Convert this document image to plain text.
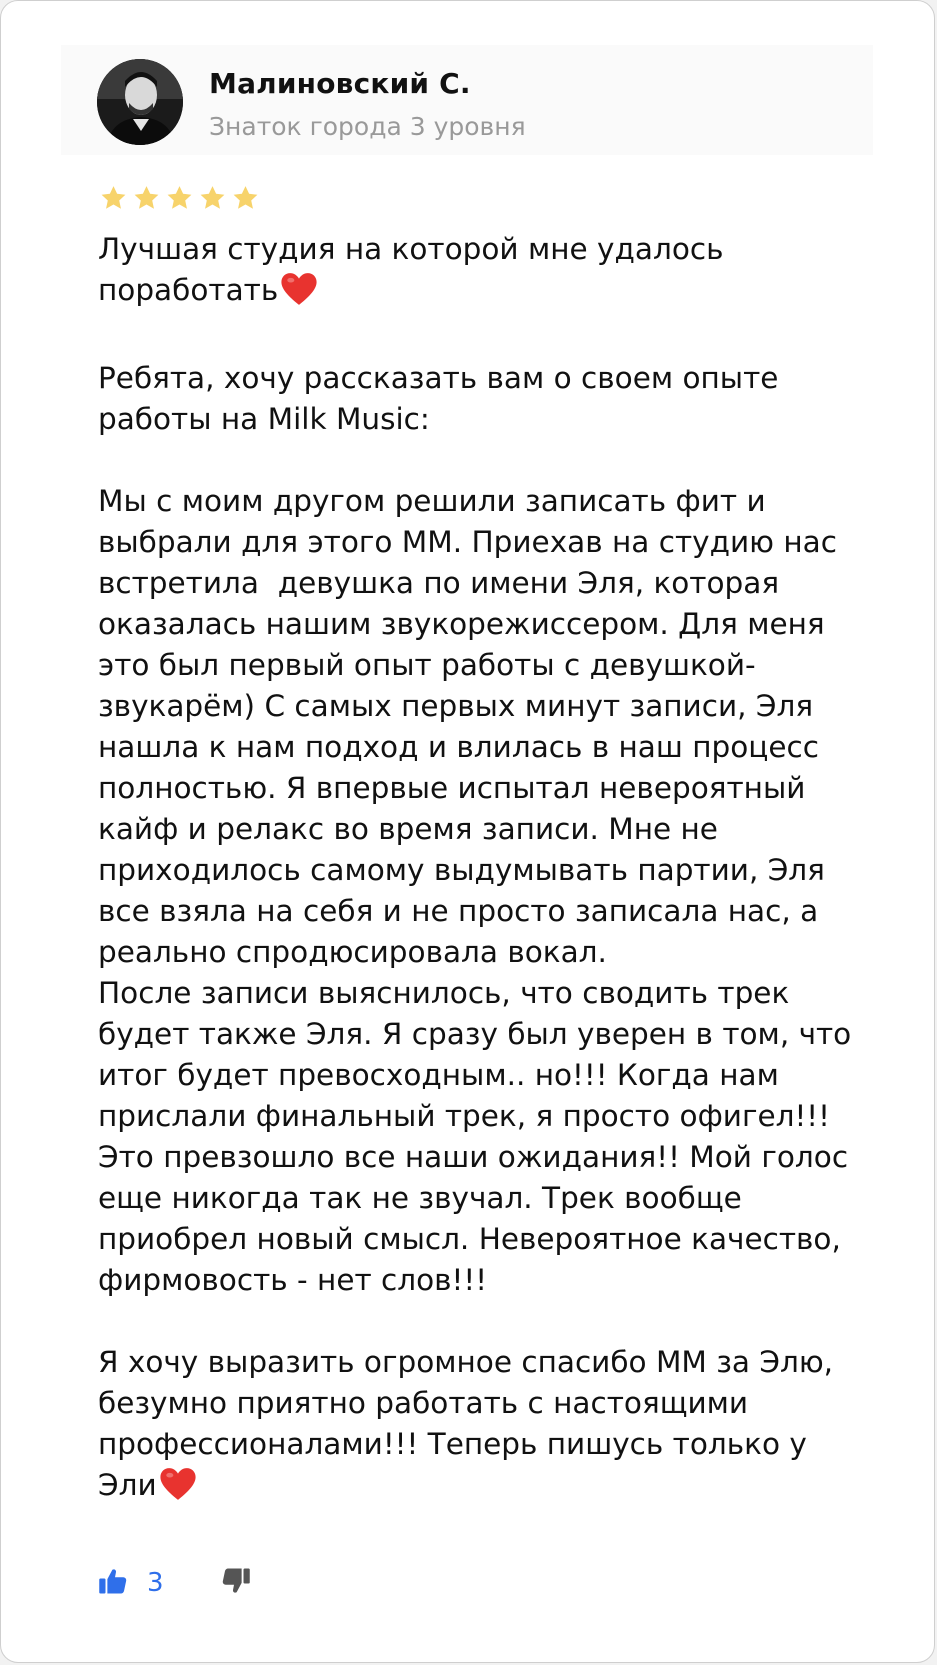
Малиновский С.
Знаток города 3 уровня
Лучшая студия на которой мне удалось
поработать

Ребята, хочу рассказать вам о своем опыте
работы на Milk Music:

Мы с моим другом решили записать фит и
выбрали для этого ММ. Приехав на студию нас
встретила  девушка по имени Эля, которая
оказалась нашим звукорежиссером. Для меня
это был первый опыт работы с девушкой-
звукарём) С самых первых минут записи, Эля
нашла к нам подход и влилась в наш процесс
полностью. Я впервые испытал невероятный
кайф и релакс во время записи. Мне не
приходилось самому выдумывать партии, Эля
все взяла на себя и не просто записала нас, а
реально спродюсировала вокал.
После записи выяснилось, что сводить трек
будет также Эля. Я сразу был уверен в том, что
итог будет превосходным.. но!!! Когда нам
прислали финальный трек, я просто офигел!!!
Это превзошло все наши ожидания!! Мой голос
еще никогда так не звучал. Трек вообще
приобрел новый смысл. Невероятное качество,
фирмовость - нет слов!!!

Я хочу выразить огромное спасибо ММ за Элю,
безумно приятно работать с настоящими
профессионалами!!! Теперь пишусь только у
Эли
3
